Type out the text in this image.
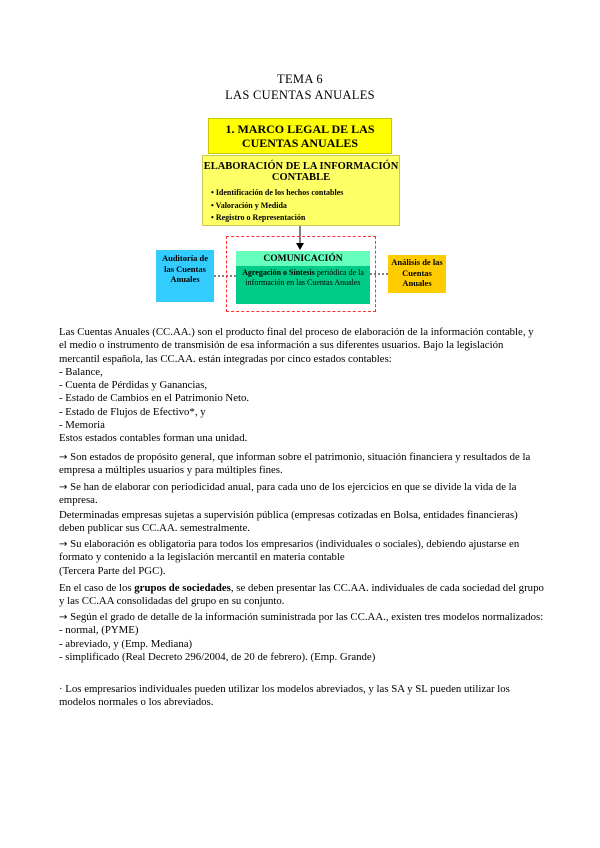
TEMA 6
LAS CUENTAS ANUALES
1. MARCO LEGAL DE LAS CUENTAS ANUALES
ELABORACIÓN DE LA INFORMACIÓN CONTABLE
• Identificación de los hechos contables
• Valoración y Medida
• Registro o Representación
COMUNICACIÓN
Agregación o Síntesis periódica de la información en las Cuentas Anuales
Auditoría de las Cuentas Anuales
Análisis de las Cuentas Anuales

Las Cuentas Anuales (CC.AA.) son el producto final del proceso de elaboración de la información contable, y el medio o instrumento de transmisión de esa información a sus diferentes usuarios. Bajo la legislación mercantil española, las CC.AA. están integradas por cinco estados contables:

- Balance,

- Cuenta de Pérdidas y Ganancias,

- Estado de Cambios en el Patrimonio Neto.

- Estado de Flujos de Efectivo*, y

- Memoria

Estos estados contables forman una unidad.

→ Son estados de propósito general, que informan sobre el patrimonio, situación financiera y resultados de la empresa a múltiples usuarios y para múltiples fines.
→ Se han de elaborar con periodicidad anual, para cada uno de los ejercicios en que se divide la vida de la empresa.
Determinadas empresas sujetas a supervisión pública (empresas cotizadas en Bolsa, entidades financieras) deben publicar sus CC.AA. semestralmente.
→ Su elaboración es obligatoria para todos los empresarios (individuales o sociales), debiendo ajustarse en formato y contenido a la legislación mercantil en materia contable
(Tercera Parte del PGC).
En el caso de los grupos de sociedades, se deben presentar las CC.AA. individuales de cada sociedad del grupo y las CC.AA consolidadas del grupo en su conjunto.
→ Según el grado de detalle de la información suministrada por las CC.AA., existen tres modelos normalizados:

- normal, (PYME)

- abreviado, y (Emp. Mediana)

- simplificado (Real Decreto 296/2004, de 20 de febrero). (Emp. Grande)

· Los empresarios individuales pueden utilizar los modelos abreviados, y las SA y SL pueden utilizar los modelos normales o los abreviados.
